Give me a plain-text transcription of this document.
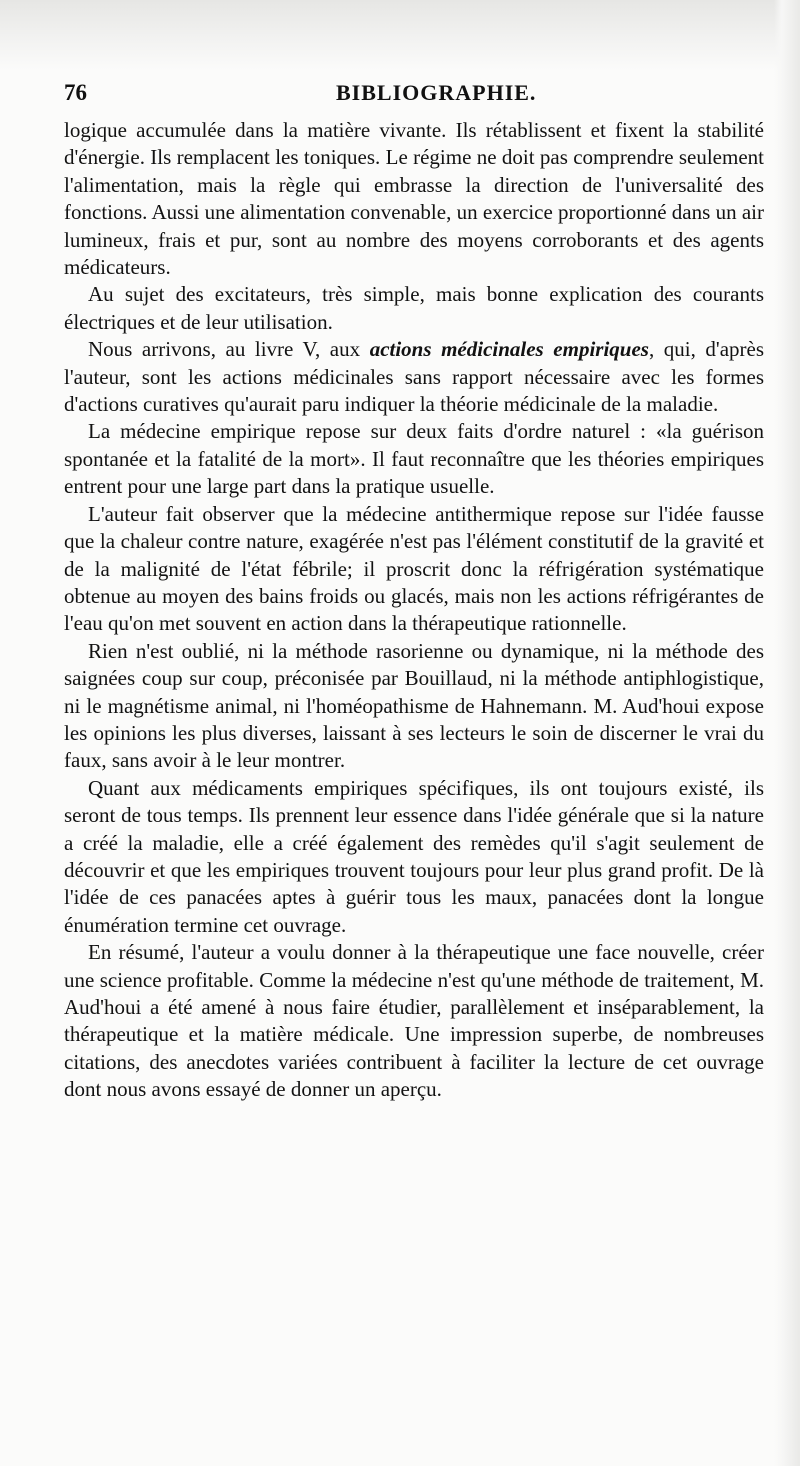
76	BIBLIOGRAPHIE.

logique accumulée dans la matière vivante. Ils rétablissent et fixent la stabilité d'énergie. Ils remplacent les toniques. Le régime ne doit pas comprendre seulement l'alimentation, mais la règle qui embrasse la direction de l'universalité des fonctions. Aussi une alimentation convenable, un exercice proportionné dans un air lumineux, frais et pur, sont au nombre des moyens corroborants et des agents médicateurs.

Au sujet des excitateurs, très simple, mais bonne explication des courants électriques et de leur utilisation.

Nous arrivons, au livre V, aux actions médicinales empiriques, qui, d'après l'auteur, sont les actions médicinales sans rapport nécessaire avec les formes d'actions curatives qu'aurait paru indiquer la théorie médicinale de la maladie.

La médecine empirique repose sur deux faits d'ordre naturel : «la guérison spontanée et la fatalité de la mort». Il faut reconnaître que les théories empiriques entrent pour une large part dans la pratique usuelle.

L'auteur fait observer que la médecine antithermique repose sur l'idée fausse que la chaleur contre nature, exagérée n'est pas l'élément constitutif de la gravité et de la malignité de l'état fébrile; il proscrit donc la réfrigération systématique obtenue au moyen des bains froids ou glacés, mais non les actions réfrigérantes de l'eau qu'on met souvent en action dans la thérapeutique rationnelle.

Rien n'est oublié, ni la méthode rasorienne ou dynamique, ni la méthode des saignées coup sur coup, préconisée par Bouillaud, ni la méthode antiphlogistique, ni le magnétisme animal, ni l'homéopathisme de Hahnemann. M. Aud'houi expose les opinions les plus diverses, laissant à ses lecteurs le soin de discerner le vrai du faux, sans avoir à le leur montrer.

Quant aux médicaments empiriques spécifiques, ils ont toujours existé, ils seront de tous temps. Ils prennent leur essence dans l'idée générale que si la nature a créé la maladie, elle a créé également des remèdes qu'il s'agit seulement de découvrir et que les empiriques trouvent toujours pour leur plus grand profit. De là l'idée de ces panacées aptes à guérir tous les maux, panacées dont la longue énumération termine cet ouvrage.

En résumé, l'auteur a voulu donner à la thérapeutique une face nouvelle, créer une science profitable. Comme la médecine n'est qu'une méthode de traitement, M. Aud'houi a été amené à nous faire étudier, parallèlement et inséparablement, la thérapeutique et la matière médicale. Une impression superbe, de nombreuses citations, des anecdotes variées contribuent à faciliter la lecture de cet ouvrage dont nous avons essayé de donner un aperçu.
